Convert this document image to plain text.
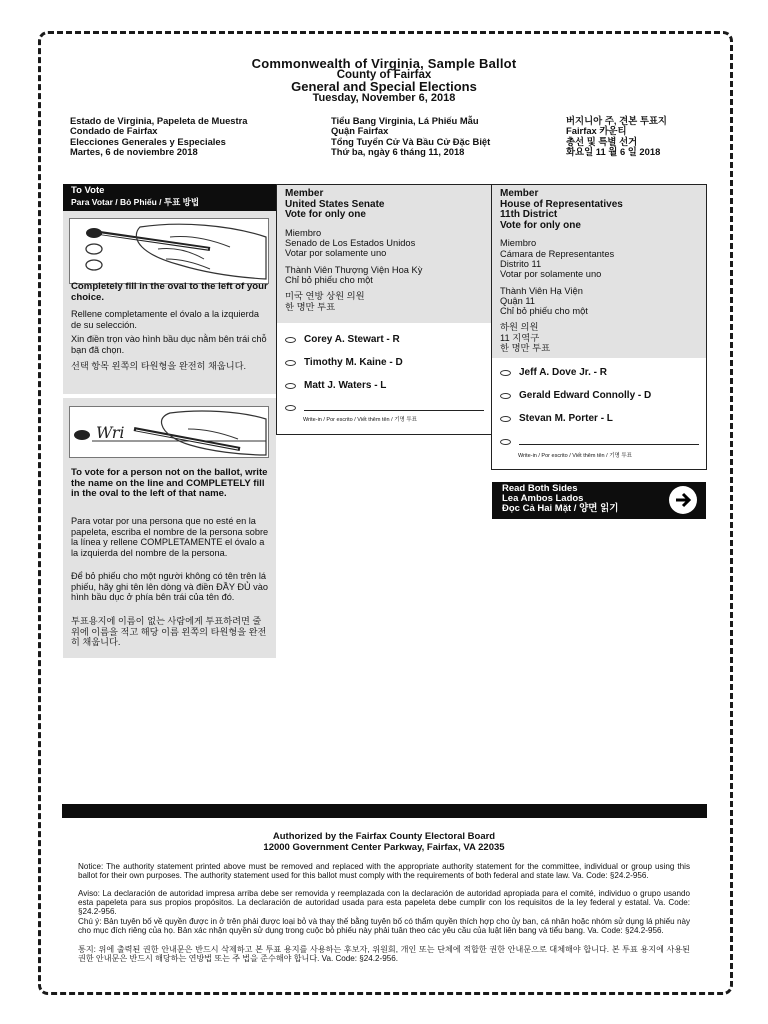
Commonwealth of Virginia, Sample Ballot
County of Fairfax
General and Special Elections
Tuesday, November 6, 2018
Estado de Virginia, Papeleta de Muestra
Condado de Fairfax
Elecciones Generales y Especiales
Martes, 6 de noviembre 2018
Tiểu Bang Virginia, Lá Phiếu Mẫu
Quận Fairfax
Tổng Tuyển Cử Và Bầu Cử Đặc Biệt
Thứ ba, ngày 6 tháng 11, 2018
버지니아 주, 견본 투표지
Fairfax 카운티
총선 및 특별 선거
화요일 11 월 6 일 2018
To Vote
Para Votar / Bỏ Phiếu / 투표 방법
Completely fill in the oval to the left of your choice.
Rellene completamente el óvalo a la izquierda de su selección.
Xin điền trọn vào hình bầu dục nằm bên trái chỗ bạn đã chọn.
선택 항목 왼쪽의 타원형을 완전히 채웁니다.
Wri
To vote for a person not on the ballot, write the name on the line and COMPLETELY fill in the oval to the left of that name.
Para votar por una persona que no esté en la papeleta, escriba el nombre de la persona sobre la línea y rellene COMPLETAMENTE el óvalo a la izquierda del nombre de la persona.
Để bỏ phiếu cho một người không có tên trên lá phiếu, hãy ghi tên lên dòng và điền ĐẦY ĐỦ vào hình bầu dục ở phía bên trái của tên đó.
투표용지에 이름이 없는 사람에게 투표하려면 줄 위에 이름을 적고 해당 이름 왼쪽의 타원형을 완전히 채웁니다.
Member
United States Senate
Vote for only one
Miembro
Senado de Los Estados Unidos
Votar por solamente uno
Thành Viên Thượng Viện Hoa Kỳ
Chỉ bỏ phiếu cho một
미국 연방 상원 의원
한 명만 투표
Corey A. Stewart - R
Timothy M. Kaine - D
Matt J. Waters - L
Write-in / Por escrito / Viết thêm tên / 기명 투표
Member
House of Representatives
11th District
Vote for only one
Miembro
Cámara de Representantes
Distrito 11
Votar por solamente uno
Thành Viên Hạ Viện
Quận 11
Chỉ bỏ phiếu cho một
하원 의원
11 지역구
한 명만 투표
Jeff A. Dove Jr. - R
Gerald Edward Connolly - D
Stevan M. Porter - L
Write-in / Por escrito / Viết thêm tên / 기명 투표
Read Both Sides
Lea Ambos Lados
Đọc Cả Hai Mặt / 양면 읽기
Authorized by the Fairfax County Electoral Board
12000 Government Center Parkway, Fairfax, VA 22035
Notice: The authority statement printed above must be removed and replaced with the appropriate authority statement for the committee, individual or group using this ballot for their own purposes. The authority statement used for this ballot must comply with the requirements of both federal and state law. Va. Code: §24.2-956.
Aviso: La declaración de autoridad impresa arriba debe ser removida y reemplazada con la declaración de autoridad apropiada para el comité, individuo o grupo usando esta papeleta para sus propios propósitos. La declaración de autoridad usada para esta papeleta debe cumplir con los requisitos de la ley federal y estatal. Va. Code: §24.2-956.
Chú ý: Bản tuyên bố về quyền được in ở trên phải được loại bỏ và thay thế bằng tuyên bố có thẩm quyền thích hợp cho ủy ban, cá nhân hoặc nhóm sử dụng lá phiếu này cho mục đích riêng của họ. Bản xác nhận quyền sử dụng trong cuộc bỏ phiếu này phải tuân theo các yêu cầu của luật liên bang và tiểu bang. Va. Code: §24.2-956.
통지: 위에 출력된 권한 안내문은 반드시 삭제하고 본 투표 용지를 사용하는 후보자, 위원회, 개인 또는 단체에 적합한 권한 안내문으로 대체해야 합니다. 본 투표 용지에 사용된 권한 안내문은 반드시 해당하는 연방법 또는 주 법을 준수해야 합니다. Va. Code: §24.2-956.
